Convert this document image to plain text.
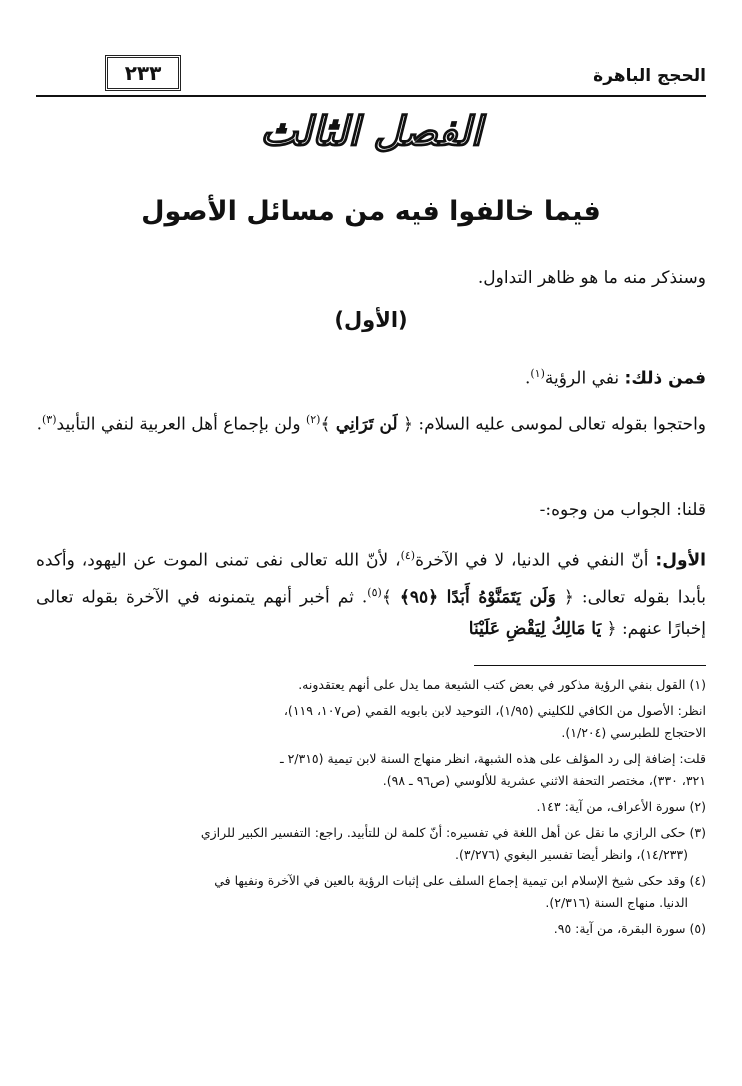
٢٣٣	الحجج الباهرة
الفصل الثالث
فيما خالفوا فيه من مسائل الأصول
وسنذكر منه ما هو ظاهر التداول.
(الأول)
فمن ذلك: نفي الرؤية$^{(١)}$.
واحتجوا بقوله تعالى لموسى عليه السلام: ﴿ لَن تَرَانِي ﴾$^{(٢)}$ ولن بإجماع أهل العربية لنفي التأبيد$^{(٣)}$.
قلنا: الجواب من وجوه:-
الأول: أنّ النفي في الدنيا، لا في الآخرة$^{(٤)}$، لأنّ الله تعالى نفى تمنى الموت عن اليهود، وأكده بأبدا بقوله تعالى: ﴿ وَلَن يَتَمَنَّوْهُ أَبَدًا ﴿٩٥﴾ ﴾$^{(٥)}$. ثم أخبر أنهم يتمنونه في الآخرة بقوله تعالى إخبارًا عنهم: ﴿ يَا مَالِكُ لِيَقْضِ عَلَيْنَا
(١) القول بنفي الرؤية مذكور في بعض كتب الشيعة مما يدل على أنهم يعتقدونه.
انظر: الأصول من الكافي للكليني (١/٩٥)، التوحيد لابن بابويه القمي (ص١٠٧، ١١٩)،
الاحتجاج للطبرسي (١/٢٠٤).
قلت: إضافة إلى رد المؤلف على هذه الشبهة، انظر منهاج السنة لابن تيمية (٢/٣١٥ ـ
٣٢١، ٣٣٠)، مختصر التحفة الاثني عشرية للألوسي (ص٩٦ ـ ٩٨).
(٢) سورة الأعراف، من آية: ١٤٣.
(٣) حكى الرازي ما نقل عن أهل اللغة في تفسيره: أنّ كلمة لن للتأبيد. راجع: التفسير الكبير للرازي
(١٤/٢٣٣)، وانظر أيضا تفسير البغوي (٣/٢٧٦).
(٤) وقد حكى شيخ الإسلام ابن تيمية إجماع السلف على إثبات الرؤية بالعين في الآخرة ونفيها في
الدنيا. منهاج السنة (٢/٣١٦).
(٥) سورة البقرة، من آية: ٩٥.
